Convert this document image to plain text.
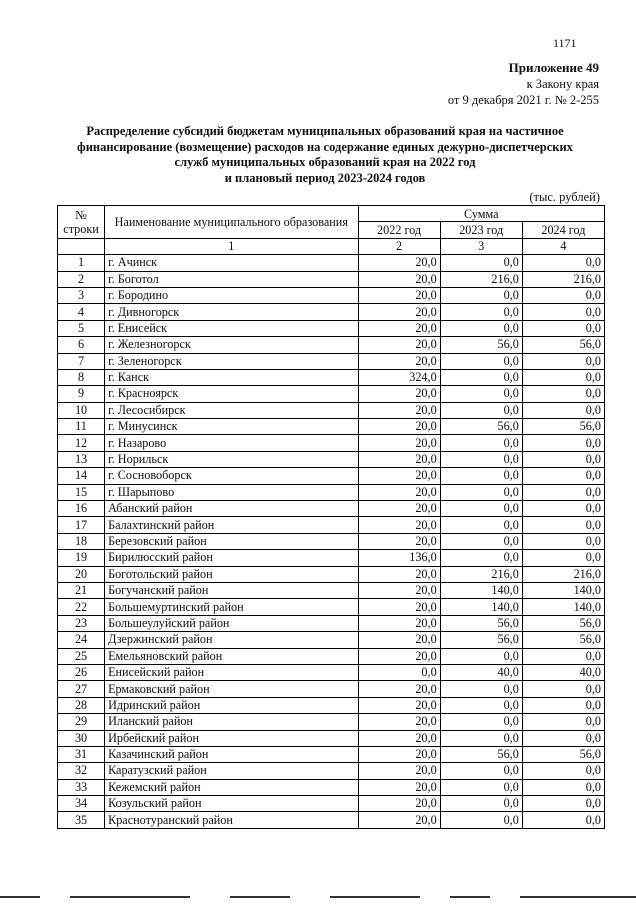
1171
Приложение 49
к Закону края
от 9 декабря 2021 г. № 2-255
Распределение субсидий бюджетам муниципальных образований края на частичное
финансирование (возмещение) расходов на содержание единых дежурно-диспетчерских
служб муниципальных образований края на 2022 год
и плановый период 2023-2024 годов
(тыс. рублей)
№ строки	Наименование муниципального образования	Сумма		
		2022 год	2023 год	2024 год
	1	2	3	4
1	г. Ачинск	20,0	0,0	0,0
2	г. Боготол	20,0	216,0	216,0
3	г. Бородино	20,0	0,0	0,0
4	г. Дивногорск	20,0	0,0	0,0
5	г. Енисейск	20,0	0,0	0,0
6	г. Железногорск	20,0	56,0	56,0
7	г. Зеленогорск	20,0	0,0	0,0
8	г. Канск	324,0	0,0	0,0
9	г. Красноярск	20,0	0,0	0,0
10	г. Лесосибирск	20,0	0,0	0,0
11	г. Минусинск	20,0	56,0	56,0
12	г. Назарово	20,0	0,0	0,0
13	г. Норильск	20,0	0,0	0,0
14	г. Сосновоборск	20,0	0,0	0,0
15	г. Шарыпово	20,0	0,0	0,0
16	Абанский район	20,0	0,0	0,0
17	Балахтинский район	20,0	0,0	0,0
18	Березовский район	20,0	0,0	0,0
19	Бирилюсский район	136,0	0,0	0,0
20	Боготольский район	20,0	216,0	216,0
21	Богучанский район	20,0	140,0	140,0
22	Большемуртинский район	20,0	140,0	140,0
23	Большеулуйский район	20,0	56,0	56,0
24	Дзержинский район	20,0	56,0	56,0
25	Емельяновский район	20,0	0,0	0,0
26	Енисейский район	0,0	40,0	40,0
27	Ермаковский район	20,0	0,0	0,0
28	Идринский район	20,0	0,0	0,0
29	Иланский район	20,0	0,0	0,0
30	Ирбейский район	20,0	0,0	0,0
31	Казачинский район	20,0	56,0	56,0
32	Каратузский район	20,0	0,0	0,0
33	Кежемский район	20,0	0,0	0,0
34	Козульский район	20,0	0,0	0,0
35	Краснотуранский район	20,0	0,0	0,0
